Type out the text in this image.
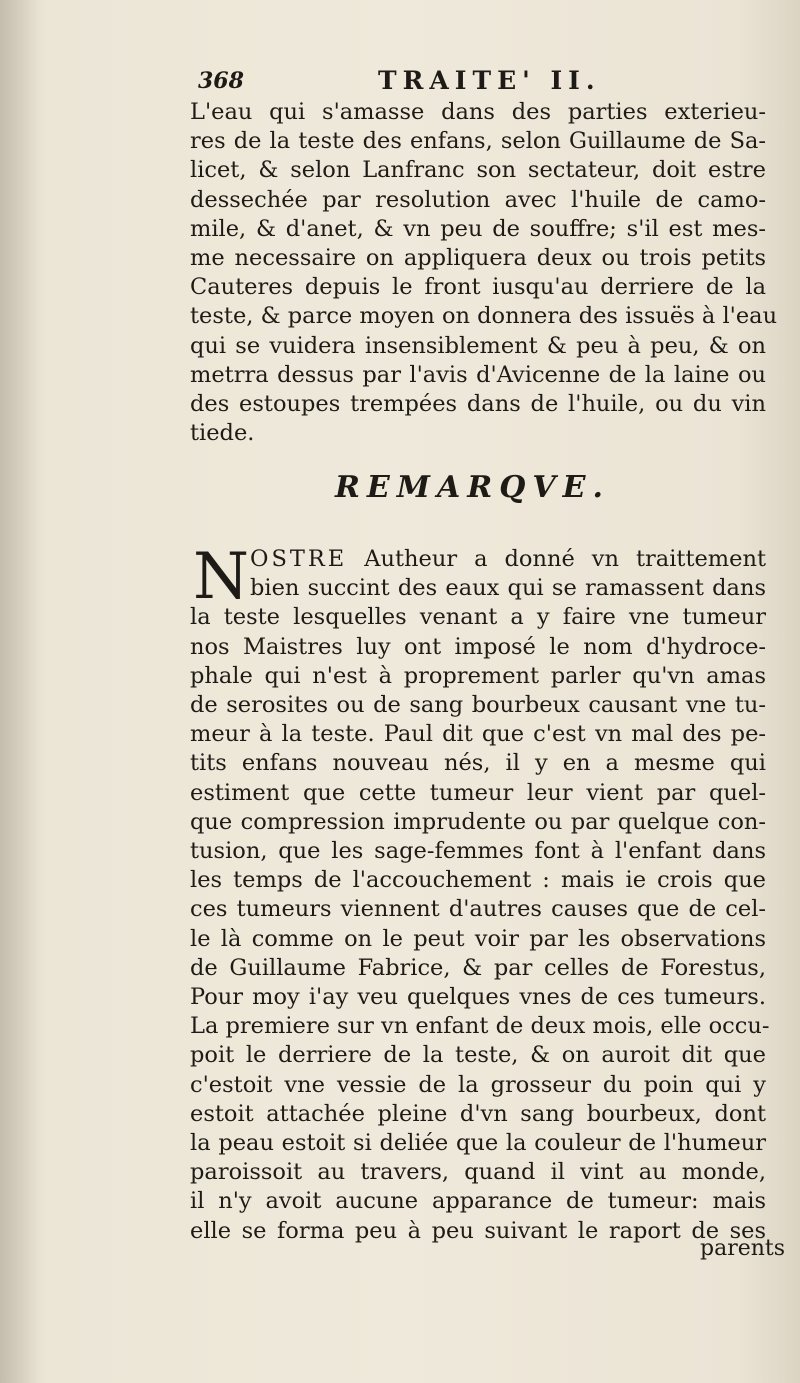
368	TRAITE' II.
L'eau qui s'amasse dans des parties exterieu-
res de la teste des enfans, selon Guillaume de Sa-
licet, & selon Lanfranc son sectateur, doit estre
dessechée par resolution avec l'huile de camo-
mile, & d'anet, & vn peu de souffre; s'il est mes-
me necessaire on appliquera deux ou trois petits
Cauteres depuis le front iusqu'au derriere de la
teste, & parce moyen on donnera des issuës à l'eau
qui se vuidera insensiblement & peu à peu, & on
metrra dessus par l'avis d'Avicenne de la laine ou
des estoupes trempées dans de l'huile, ou du vin
tiede.
REMARQVE.
N OSTRE Autheur a donné vn traittement
bien succint des eaux qui se ramassent dans
la teste lesquelles venant a y faire vne tumeur
nos Maistres luy ont imposé le nom d'hydroce-
phale qui n'est à proprement parler qu'vn amas
de serosites ou de sang bourbeux causant vne tu-
meur à la teste. Paul dit que c'est vn mal des pe-
tits enfans nouveau nés, il y en a mesme qui
estiment que cette tumeur leur vient par quel-
que compression imprudente ou par quelque con-
tusion, que les sage-femmes font à l'enfant dans
les temps de l'accouchement : mais ie crois que
ces tumeurs viennent d'autres causes que de cel-
le là comme on le peut voir par les observations
de Guillaume Fabrice, & par celles de Forestus,
Pour moy i'ay veu quelques vnes de ces tumeurs.
La premiere sur vn enfant de deux mois, elle occu-
poit le derriere de la teste, & on auroit dit que
c'estoit vne vessie de la grosseur du poin qui y
estoit attachée pleine d'vn sang bourbeux, dont
la peau estoit si deliée que la couleur de l'humeur
paroissoit au travers, quand il vint au monde,
il n'y avoit aucune apparance de tumeur: mais
elle se forma peu à peu suivant le raport de ses
parents
